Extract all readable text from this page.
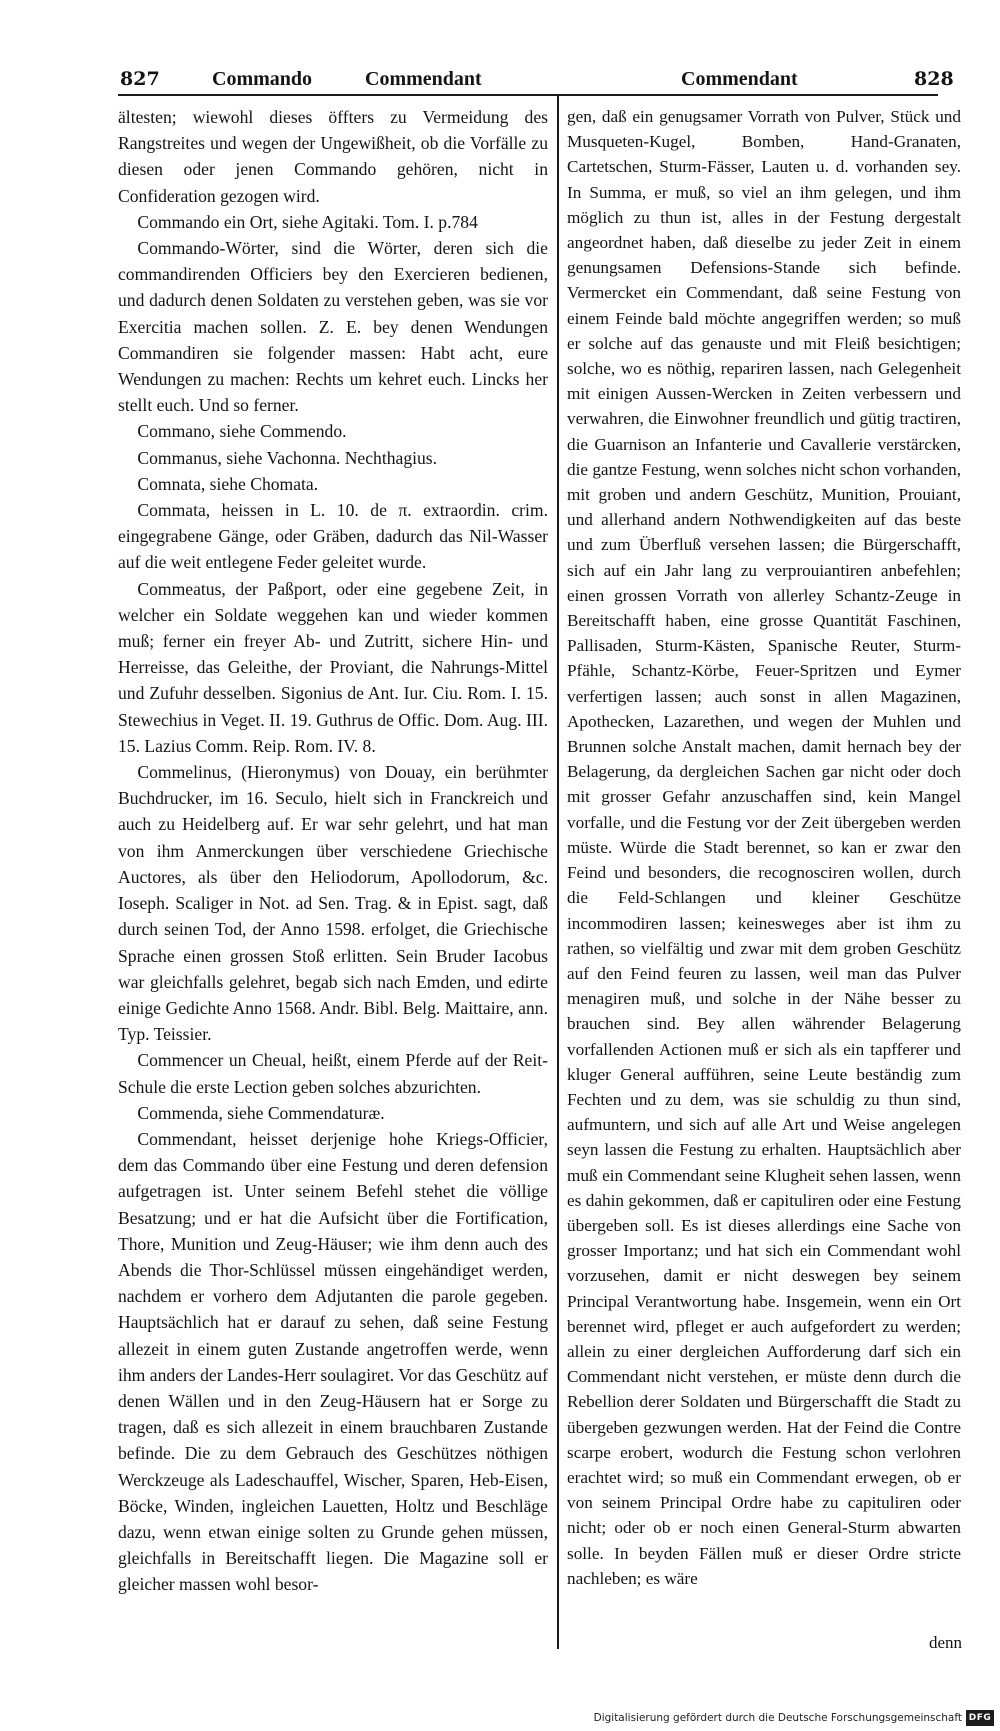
827	Commando	Commendant	Commendant	828

ältesten; wiewohl dieses öffters zu Vermeidung des Rangstreites und wegen der Ungewißheit, ob die Vorfälle zu diesen oder jenen Commando gehören, nicht in Confideration gezogen wird.

Commando ein Ort, siehe Agitaki. Tom. I. p.784

Commando-Wörter, sind die Wörter, deren sich die commandirenden Officiers bey den Exercieren bedienen, und dadurch denen Soldaten zu verstehen geben, was sie vor Exercitia machen sollen. Z. E. bey denen Wendungen Commandiren sie folgender massen: Habt acht, eure Wendungen zu machen: Rechts um kehret euch. Lincks her stellt euch. Und so ferner.

Commano, siehe Commendo.

Commanus, siehe Vachonna. Nechthagius.

Comnata, siehe Chomata.

Commata, heissen in L. 10. de π. extraordin. crim. eingegrabene Gänge, oder Gräben, dadurch das Nil-Wasser auf die weit entlegene Feder geleitet wurde.

Commeatus, der Paßport, oder eine gegebene Zeit, in welcher ein Soldate weggehen kan und wieder kommen muß; ferner ein freyer Ab- und Zutritt, sichere Hin- und Herreisse, das Geleithe, der Proviant, die Nahrungs-Mittel und Zufuhr desselben. Sigonius de Ant. Iur. Ciu. Rom. I. 15. Stewechius in Veget. II. 19. Guthrus de Offic. Dom. Aug. III. 15. Lazius Comm. Reip. Rom. IV. 8.

Commelinus, (Hieronymus) von Douay, ein berühmter Buchdrucker, im 16. Seculo, hielt sich in Franckreich und auch zu Heidelberg auf. Er war sehr gelehrt, und hat man von ihm Anmerckungen über verschiedene Griechische Auctores, als über den Heliodorum, Apollodorum, &c. Ioseph. Scaliger in Not. ad Sen. Trag. & in Epist. sagt, daß durch seinen Tod, der Anno 1598. erfolget, die Griechische Sprache einen grossen Stoß erlitten. Sein Bruder Iacobus war gleichfalls gelehret, begab sich nach Emden, und edirte einige Gedichte Anno 1568. Andr. Bibl. Belg. Maittaire, ann. Typ. Teissier.

Commencer un Cheual, heißt, einem Pferde auf der Reit-Schule die erste Lection geben solches abzurichten.

Commenda, siehe Commendaturæ.

Commendant, heisset derjenige hohe Kriegs-Officier, dem das Commando über eine Festung und deren defension aufgetragen ist. Unter seinem Befehl stehet die völlige Besatzung; und er hat die Aufsicht über die Fortification, Thore, Munition und Zeug-Häuser; wie ihm denn auch des Abends die Thor-Schlüssel müssen eingehändiget werden, nachdem er vorhero dem Adjutanten die parole gegeben. Hauptsächlich hat er darauf zu sehen, daß seine Festung allezeit in einem guten Zustande angetroffen werde, wenn ihm anders der Landes-Herr soulagiret. Vor das Geschütz auf denen Wällen und in den Zeug-Häusern hat er Sorge zu tragen, daß es sich allezeit in einem brauchbaren Zustande befinde. Die zu dem Gebrauch des Geschützes nöthigen Werckzeuge als Ladeschauffel, Wischer, Sparen, Heb-Eisen, Böcke, Winden, ingleichen Lauetten, Holtz und Beschläge dazu, wenn etwan einige solten zu Grunde gehen müssen, gleichfalls in Bereitschafft liegen. Die Magazine soll er gleicher massen wohl besor-

gen, daß ein genugsamer Vorrath von Pulver, Stück und Musqueten-Kugel, Bomben, Hand-Granaten, Cartetschen, Sturm-Fässer, Lauten u. d. vorhanden sey. In Summa, er muß, so viel an ihm gelegen, und ihm möglich zu thun ist, alles in der Festung dergestalt angeordnet haben, daß dieselbe zu jeder Zeit in einem genungsamen Defensions-Stande sich befinde. Vermercket ein Commendant, daß seine Festung von einem Feinde bald möchte angegriffen werden; so muß er solche auf das genauste und mit Fleiß besichtigen; solche, wo es nöthig, repariren lassen, nach Gelegenheit mit einigen Aussen-Wercken in Zeiten verbessern und verwahren, die Einwohner freundlich und gütig tractiren, die Guarnison an Infanterie und Cavallerie verstärcken, die gantze Festung, wenn solches nicht schon vorhanden, mit groben und andern Geschütz, Munition, Prouiant, und allerhand andern Nothwendigkeiten auf das beste und zum Überfluß versehen lassen; die Bürgerschafft, sich auf ein Jahr lang zu verprouiantiren anbefehlen; einen grossen Vorrath von allerley Schantz-Zeuge in Bereitschafft haben, eine grosse Quantität Faschinen, Pallisaden, Sturm-Kästen, Spanische Reuter, Sturm-Pfähle, Schantz-Körbe, Feuer-Spritzen und Eymer verfertigen lassen; auch sonst in allen Magazinen, Apothecken, Lazarethen, und wegen der Muhlen und Brunnen solche Anstalt machen, damit hernach bey der Belagerung, da dergleichen Sachen gar nicht oder doch mit grosser Gefahr anzuschaffen sind, kein Mangel vorfalle, und die Festung vor der Zeit übergeben werden müste. Würde die Stadt berennet, so kan er zwar den Feind und besonders, die recognosciren wollen, durch die Feld-Schlangen und kleiner Geschütze incommodiren lassen; keinesweges aber ist ihm zu rathen, so vielfältig und zwar mit dem groben Geschütz auf den Feind feuren zu lassen, weil man das Pulver menagiren muß, und solche in der Nähe besser zu brauchen sind. Bey allen währender Belagerung vorfallenden Actionen muß er sich als ein tapfferer und kluger General aufführen, seine Leute beständig zum Fechten und zu dem, was sie schuldig zu thun sind, aufmuntern, und sich auf alle Art und Weise angelegen seyn lassen die Festung zu erhalten. Hauptsächlich aber muß ein Commendant seine Klugheit sehen lassen, wenn es dahin gekommen, daß er capituliren oder eine Festung übergeben soll. Es ist dieses allerdings eine Sache von grosser Importanz; und hat sich ein Commendant wohl vorzusehen, damit er nicht deswegen bey seinem Principal Verantwortung habe. Insgemein, wenn ein Ort berennet wird, pfleget er auch aufgefordert zu werden; allein zu einer dergleichen Aufforderung darf sich ein Commendant nicht verstehen, er müste denn durch die Rebellion derer Soldaten und Bürgerschafft die Stadt zu übergeben gezwungen werden. Hat der Feind die Contre scarpe erobert, wodurch die Festung schon verlohren erachtet wird; so muß ein Commendant erwegen, ob er von seinem Principal Ordre habe zu capituliren oder nicht; oder ob er noch einen General-Sturm abwarten solle. In beyden Fällen muß er dieser Ordre stricte nachleben; es wäre

denn
Digitalisierung gefördert durch die Deutsche Forschungsgemeinschaft DFG
